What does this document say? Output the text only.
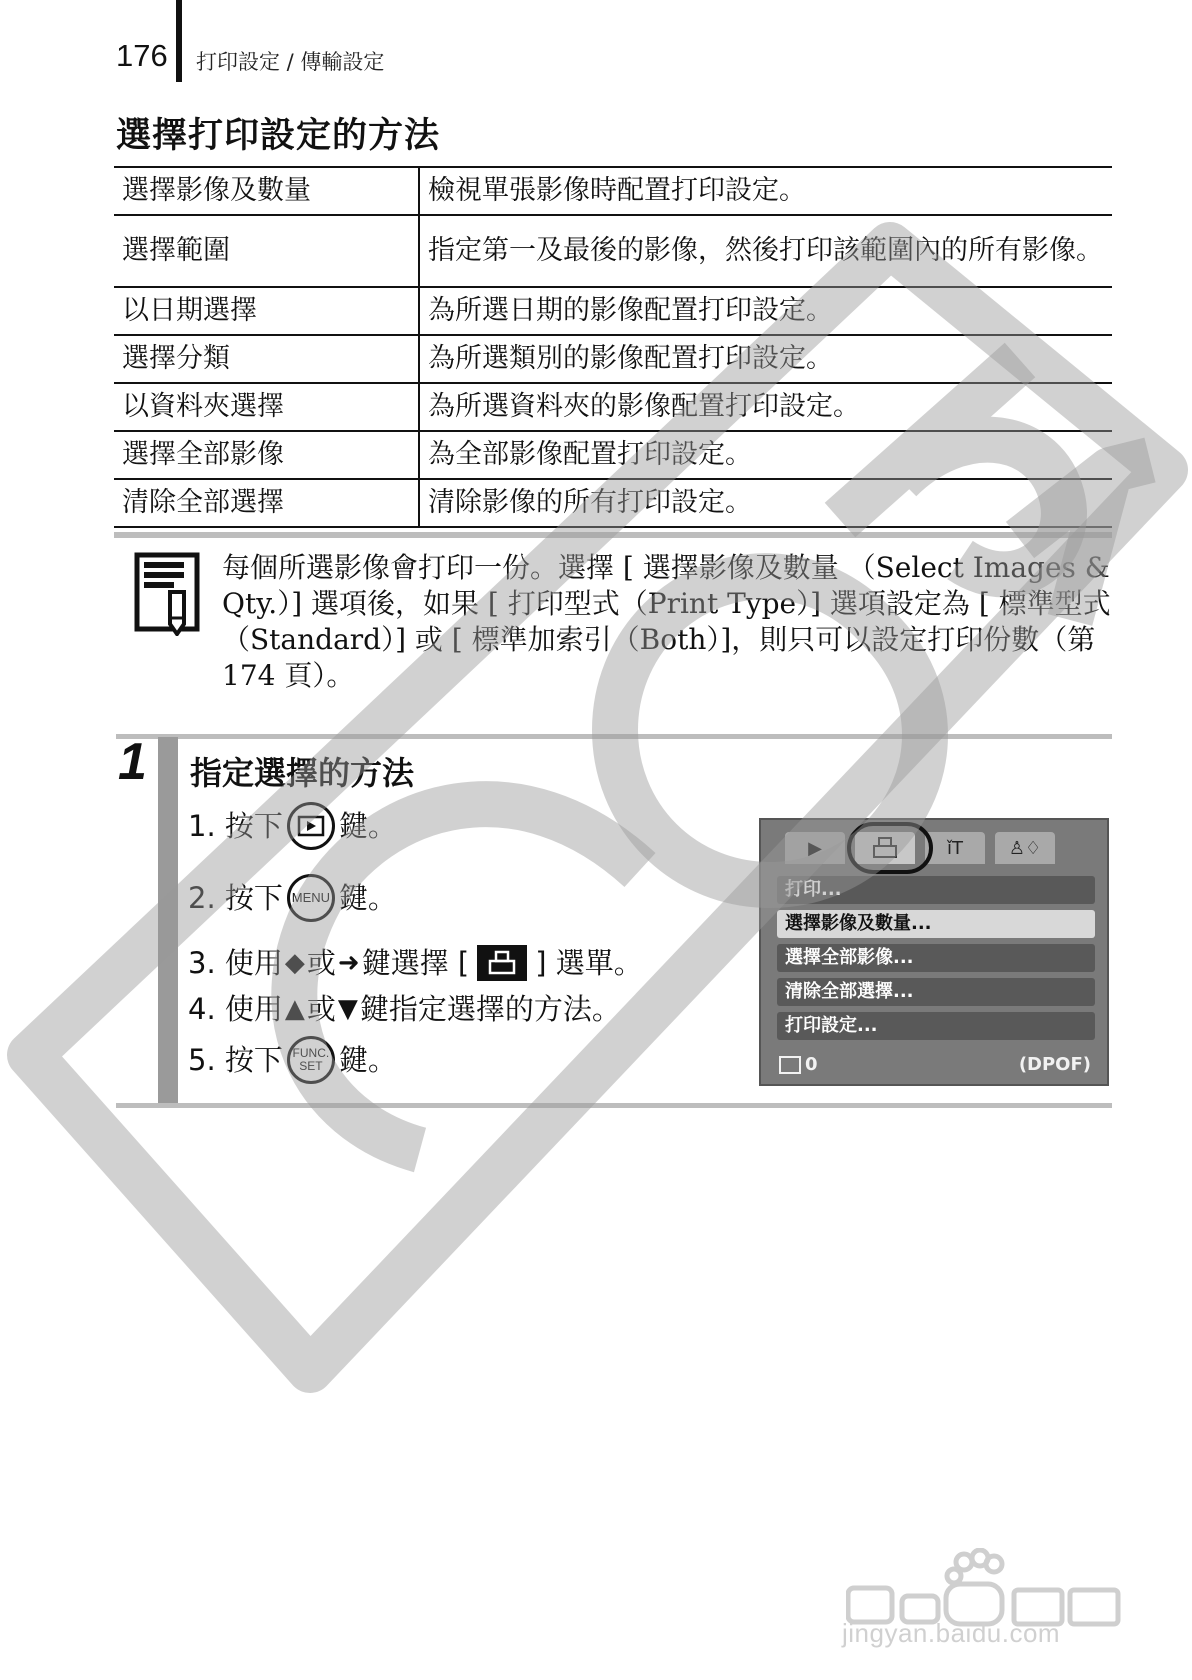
176 打印設定 / 傳輸設定
選擇打印設定的方法
選擇影像及數量	檢視單張影像時配置打印設定。
選擇範圍	指定第一及最後的影像，然後打印該範圍內的所有影像。
以日期選擇	為所選日期的影像配置打印設定。
選擇分類	為所選類別的影像配置打印設定。
以資料夾選擇	為所選資料夾的影像配置打印設定。
選擇全部影像	為全部影像配置打印設定。
清除全部選擇	清除影像的所有打印設定。
每個所選影像會打印一份。選擇 [ 選擇影像及數量 （Select Images & Qty.）] 選項後，如果 [ 打印型式（Print Type）] 選項設定為 [ 標準型式（Standard）] 或 [ 標準加索引（Both）]，則只可以設定打印份數（第 174 頁）。
1 指定選擇的方法
1. 按下 鍵。
2. 按下 MENU 鍵。
3. 使用 ◆ 或 ➜ 鍵選擇 [ ] 選單。
4. 使用 ▲ 或 ▼ 鍵指定選擇的方法。
5. 按下 FUNC.
SET 鍵。
▶	ǐΤ	♙♢
打印...
選擇影像及數量...
選擇全部影像...
清除全部選擇...
打印設定...
0	(DPOF)
jingyan.baidu.com
